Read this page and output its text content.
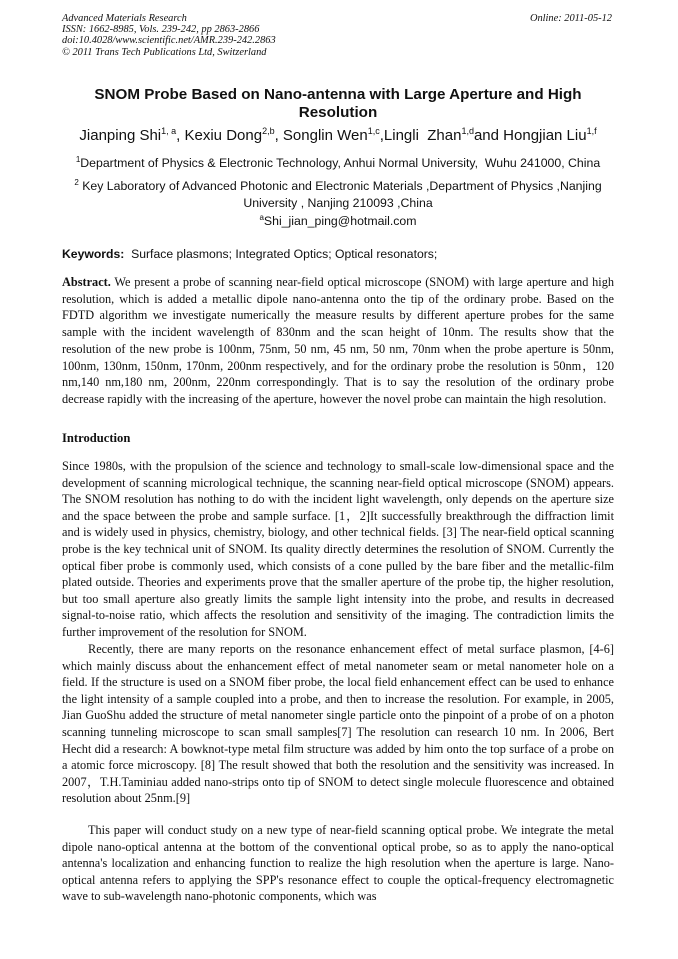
Advanced Materials Research
ISSN: 1662-8985, Vols. 239-242, pp 2863-2866
doi:10.4028/www.scientific.net/AMR.239-242.2863
© 2011 Trans Tech Publications Ltd, Switzerland
Online: 2011-05-12
SNOM Probe Based on Nano-antenna with Large Aperture and High Resolution
Jianping Shi$^{1, a}$, Kexiu Dong$^{2,b}$, Songlin Wen$^{1,c}$,Lingli  Zhan$^{1,d}$and Hongjian Liu$^{1,f}$
$^1$Department of Physics & Electronic Technology, Anhui Normal University,  Wuhu 241000, China
$^2$ Key Laboratory of Advanced Photonic and Electronic Materials ,Department of Physics ,Nanjing University , Nanjing 210093 ,China
$^a$Shi_jian_ping@hotmail.com
Keywords: Surface plasmons; Integrated Optics; Optical resonators;
Abstract. We present a probe of scanning near-field optical microscope (SNOM) with large aperture and high resolution, which is added a metallic dipole nano-antenna onto the tip of the ordinary probe. Based on the FDTD algorithm we investigate numerically the measure results by different aperture probes for the same sample with the incident wavelength of 830nm and the scan height of 10nm. The results show that the resolution of the new probe is 100nm, 75nm, 50 nm, 45 nm, 50 nm, 70nm when the probe aperture is 50nm, 100nm, 130nm, 150nm, 170nm, 200nm respectively, and for the ordinary probe the resolution is 50nm，120 nm,140 nm,180 nm, 200nm, 220nm correspondingly. That is to say the resolution of the ordinary probe decrease rapidly with the increasing of the aperture, however the novel probe can maintain the high resolution.
Introduction

Since 1980s, with the propulsion of the science and technology to small-scale low-dimensional space and the development of scanning micrological technique, the scanning near-field optical microscope (SNOM) appears. The SNOM resolution has nothing to do with the incident light wavelength, only depends on the aperture size and the space between the probe and sample surface. [1，2]It successfully breakthrough the diffraction limit and is widely used in physics, chemistry, biology, and other technical fields. [3] The near-field optical scanning probe is the key technical unit of SNOM. Its quality directly determines the resolution of SNOM. Currently the optical fiber probe is commonly used, which consists of a cone pulled by the bare fiber and the metallic-film plated outside. Theories and experiments prove that the smaller aperture of the probe tip, the higher resolution, but too small aperture also greatly limits the sample light intensity into the probe, and results in decreased signal-to-noise ratio, which affects the resolution and sensitivity of the imaging. The contradiction limits the further improvement of the resolution for SNOM.

Recently, there are many reports on the resonance enhancement effect of metal surface plasmon, [4-6] which mainly discuss about the enhancement effect of metal nanometer seam or metal nanometer hole on a field. If the structure is used on a SNOM fiber probe, the local field enhancement effect can be used to enhance the light intensity of a sample coupled into a probe, and then to increase the resolution. For example, in 2005, Jian GuoShu added the structure of metal nanometer single particle onto the pinpoint of a probe of on a photon scanning tunneling microscope to scan small samples[7] The resolution can research 10 nm. In 2006, Bert Hecht did a research: A bowknot-type metal film structure was added by him onto the top surface of a probe on a atomic force microscopy. [8] The result showed that both the resolution and the sensitivity was increased. In 2007，T.H.Taminiau added nano-strips onto tip of SNOM to detect single molecule fluorescence and obtained resolution about 25nm.[9]

This paper will conduct study on a new type of near-field scanning optical probe. We integrate the metal dipole nano-optical antenna at the bottom of the conventional optical probe, so as to apply the nano-optical antenna's localization and enhancing function to realize the high resolution when the aperture is large. Nano-optical antenna refers to applying the SPP's resonance effect to couple the optical-frequency electromagnetic wave to sub-wavelength nano-photonic components, which was
